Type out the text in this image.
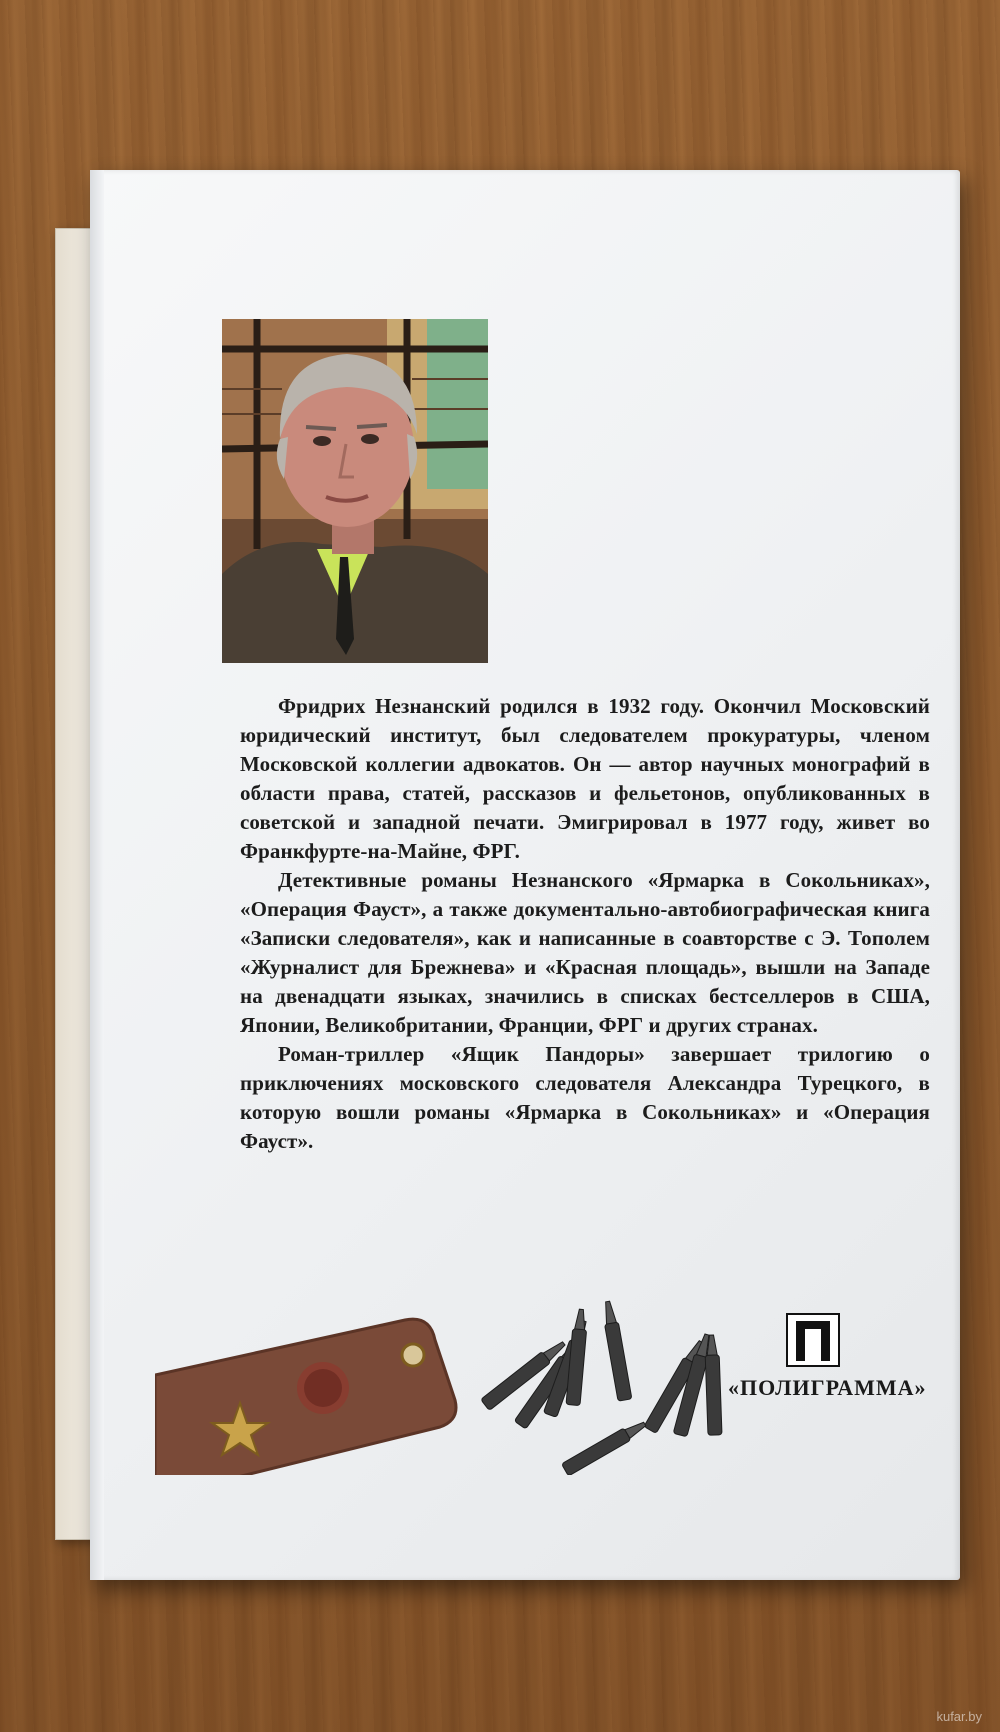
Фридрих Незнанский родился в 1932 году. Окончил Московский юридический институт, был следователем прокуратуры, членом Московской коллегии адвокатов. Он — автор научных монографий в области права, статей, рассказов и фельетонов, опубликованных в советской и западной печати. Эмигрировал в 1977 году, живет во Франкфурте-на-Майне, ФРГ.

Детективные романы Незнанского «Ярмарка в Сокольниках», «Операция Фауст», а также документально-автобиографическая книга «Записки следователя», как и написанные в соавторстве с Э. Тополем «Журналист для Брежнева» и «Красная площадь», вышли на Западе на двенадцати языках, значились в списках бестселлеров в США, Японии, Великобритании, Франции, ФРГ и других странах.

Роман-триллер «Ящик Пандоры» завершает трилогию о приключениях московского следователя Александра Турецкого, в которую вошли романы «Ярмарка в Сокольниках» и «Операция Фауст».

«ПОЛИГРАММА»
kufar.by
